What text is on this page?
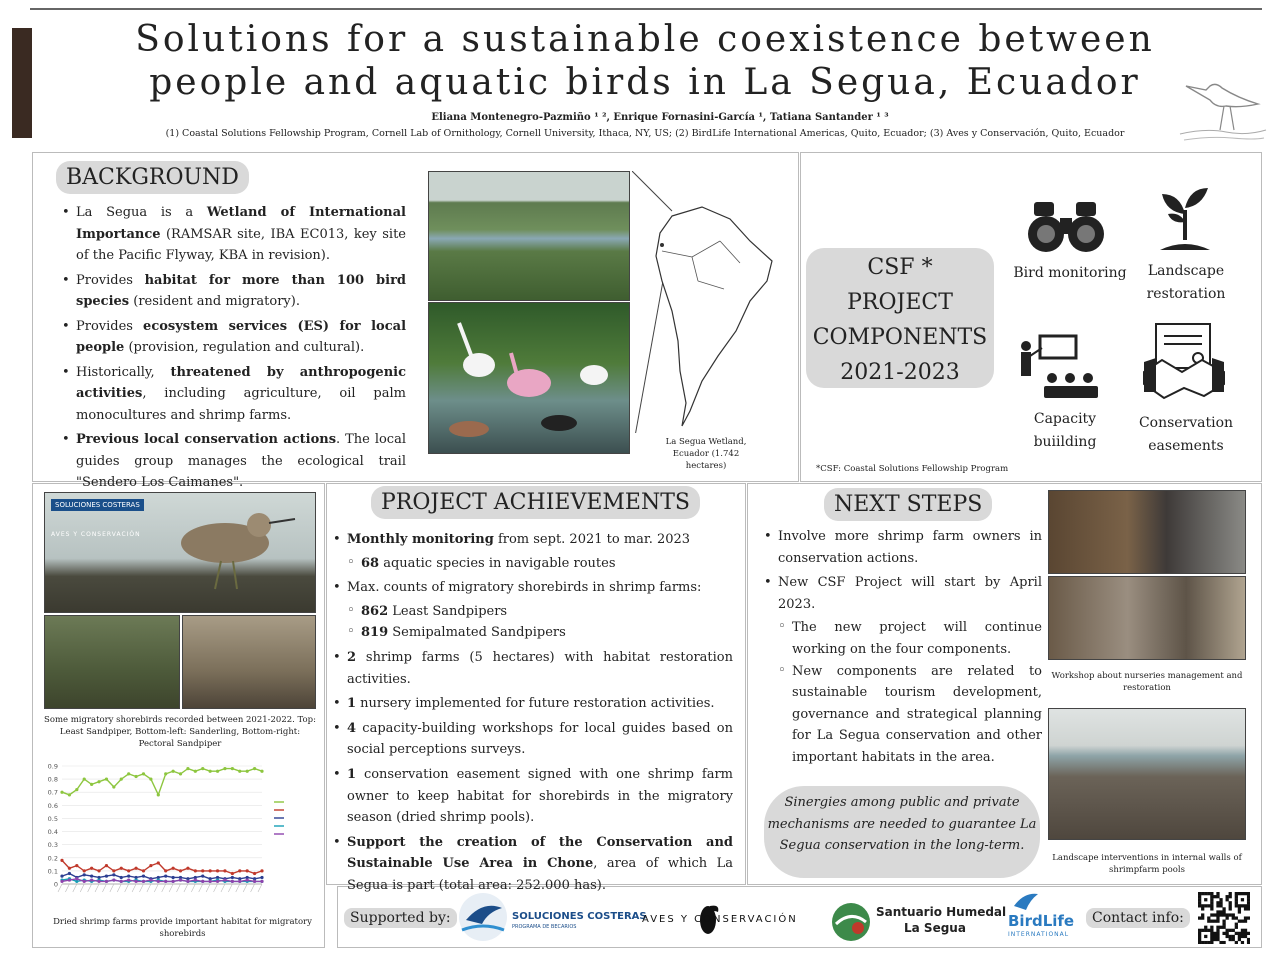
Solutions for a sustainable coexistence between
people and aquatic birds in La Segua, Ecuador
Eliana Montenegro-Pazmiño ¹ ², Enrique Fornasini-García ¹, Tatiana Santander ¹ ³
(1) Coastal Solutions Fellowship Program, Cornell Lab of Ornithology, Cornell University, Ithaca, NY, US; (2) BirdLife International Americas, Quito, Ecuador; (3) Aves y Conservación, Quito, Ecuador
BACKGROUND
• La Segua is a Wetland of International Importance (RAMSAR site, IBA EC013, key site of the Pacific Flyway, KBA in revision).
• Provides habitat for more than 100 bird species (resident and migratory).
• Provides ecosystem services (ES) for local people (provision, regulation and cultural).
• Historically, threatened by anthropogenic activities, including agriculture, oil palm monocultures and shrimp farms.
• Previous local conservation actions. The local guides group manages the ecological trail "Sendero Los Caimanes".
La Segua Wetland, Ecuador (1.742 hectares)
CSF *
PROJECT
COMPONENTS
2021-2023
Bird monitoring	Landscape restoration
Capacity buiilding
Conservation easements
*CSF: Coastal Solutions Fellowship Program
SOLUCIONES COSTERAS
AVES Y CONSERVACIÓN
Some migratory shorebirds recorded between 2021-2022. Top: Least Sandpiper, Bottom-left: Sanderling, Bottom-right: Pectoral Sandpiper
0
0.1
0.2
0.3
0.4
0.5
0.6
0.7
0.8
0.9
Dried shrimp farms provide important habitat for migratory shorebirds
PROJECT ACHIEVEMENTS
• Monthly monitoring from sept. 2021 to mar. 2023
◦ 68 aquatic species in navigable routes
• Max. counts of migratory shorebirds in shrimp farms:
◦ 862 Least Sandpipers
◦ 819 Semipalmated Sandpipers
• 2 shrimp farms (5 hectares) with habitat restoration activities.
• 1 nursery implemented for future restoration activities.
• 4 capacity-building workshops for local guides based on social perceptions surveys.
• 1 conservation easement signed with one shrimp farm owner to keep habitat for shorebirds in the migratory season (dried shrimp pools).
• Support the creation of the Conservation and Sustainable Use Area in Chone, area of which La Segua is part (total area: 252.000 has).
NEXT STEPS
• Involve more shrimp farm owners in conservation actions.
• New CSF Project will start by April 2023.
◦ The new project will continue working on the four components.
◦ New components are related to sustainable tourism development, governance and strategical planning for La Segua conservation and other important habitats in the area.
Sinergies among public and private mechanisms are needed to guarantee La Segua conservation in the long-term.
Workshop about nurseries management and restoration
Landscape interventions in internal walls of shrimpfarm pools
Supported by:	SOLUCIONES COSTERAS
PROGRAMA DE BECARIOS
AVES Y CONSERVACIÓN
Santuario Humedal
La Segua	BirdLife
INTERNATIONAL
Contact info:
